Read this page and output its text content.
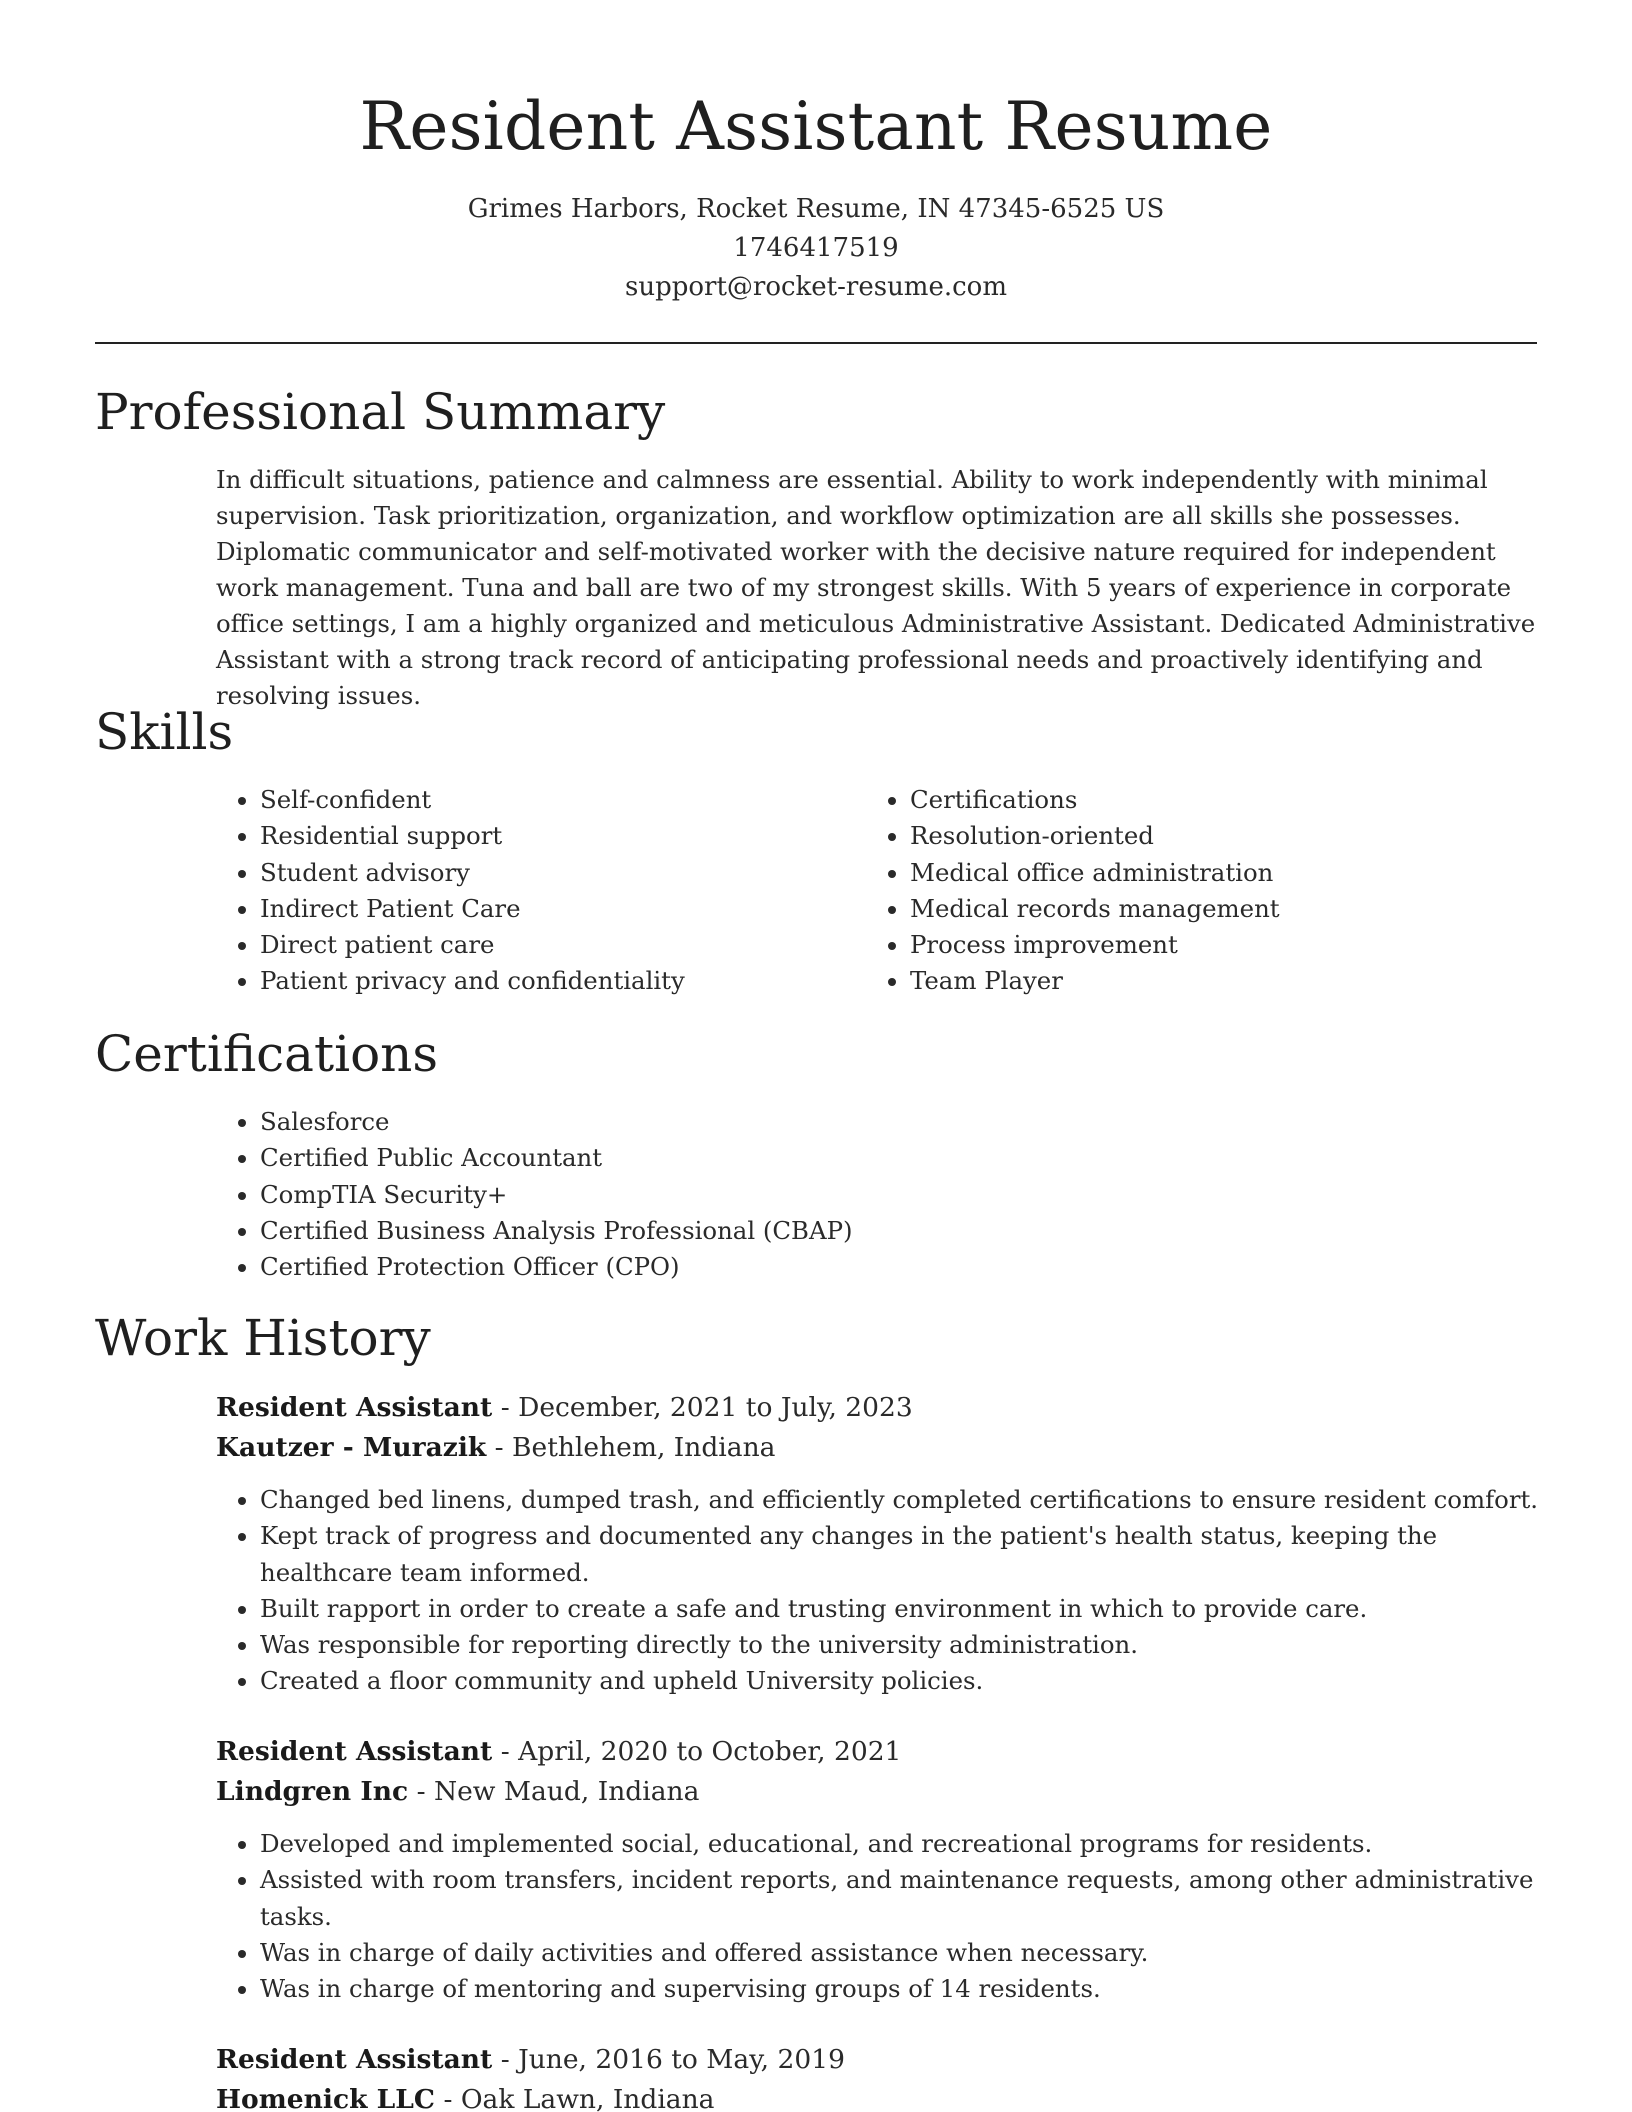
Resident Assistant Resume
Grimes Harbors, Rocket Resume, IN 47345-6525 US
1746417519
support@rocket-resume.com
Professional Summary

In difficult situations, patience and calmness are essential. Ability to work independently with minimal supervision. Task prioritization, organization, and workflow optimization are all skills she possesses. Diplomatic communicator and self-motivated worker with the decisive nature required for independent work management. Tuna and ball are two of my strongest skills. With 5 years of experience in corporate office settings, I am a highly organized and meticulous Administrative Assistant. Dedicated Administrative Assistant with a strong track record of anticipating professional needs and proactively identifying and resolving issues.

Skills
• Self-confident
• Residential support
• Student advisory
• Indirect Patient Care
• Direct patient care
• Patient privacy and confidentiality
• Certifications
• Resolution-oriented
• Medical office administration
• Medical records management
• Process improvement
• Team Player
Certifications
• Salesforce
• Certified Public Accountant
• CompTIA Security+
• Certified Business Analysis Professional (CBAP)
• Certified Protection Officer (CPO)
Work History
Resident Assistant - December, 2021 to July, 2023
Kautzer - Murazik - Bethlehem, Indiana
• Changed bed linens, dumped trash, and efficiently completed certifications to ensure resident comfort.
• Kept track of progress and documented any changes in the patient's health status, keeping the healthcare team informed.
• Built rapport in order to create a safe and trusting environment in which to provide care.
• Was responsible for reporting directly to the university administration.
• Created a floor community and upheld University policies.
Resident Assistant - April, 2020 to October, 2021
Lindgren Inc - New Maud, Indiana
• Developed and implemented social, educational, and recreational programs for residents.
• Assisted with room transfers, incident reports, and maintenance requests, among other administrative tasks.
• Was in charge of daily activities and offered assistance when necessary.
• Was in charge of mentoring and supervising groups of 14 residents.
Resident Assistant - June, 2016 to May, 2019
Homenick LLC - Oak Lawn, Indiana
